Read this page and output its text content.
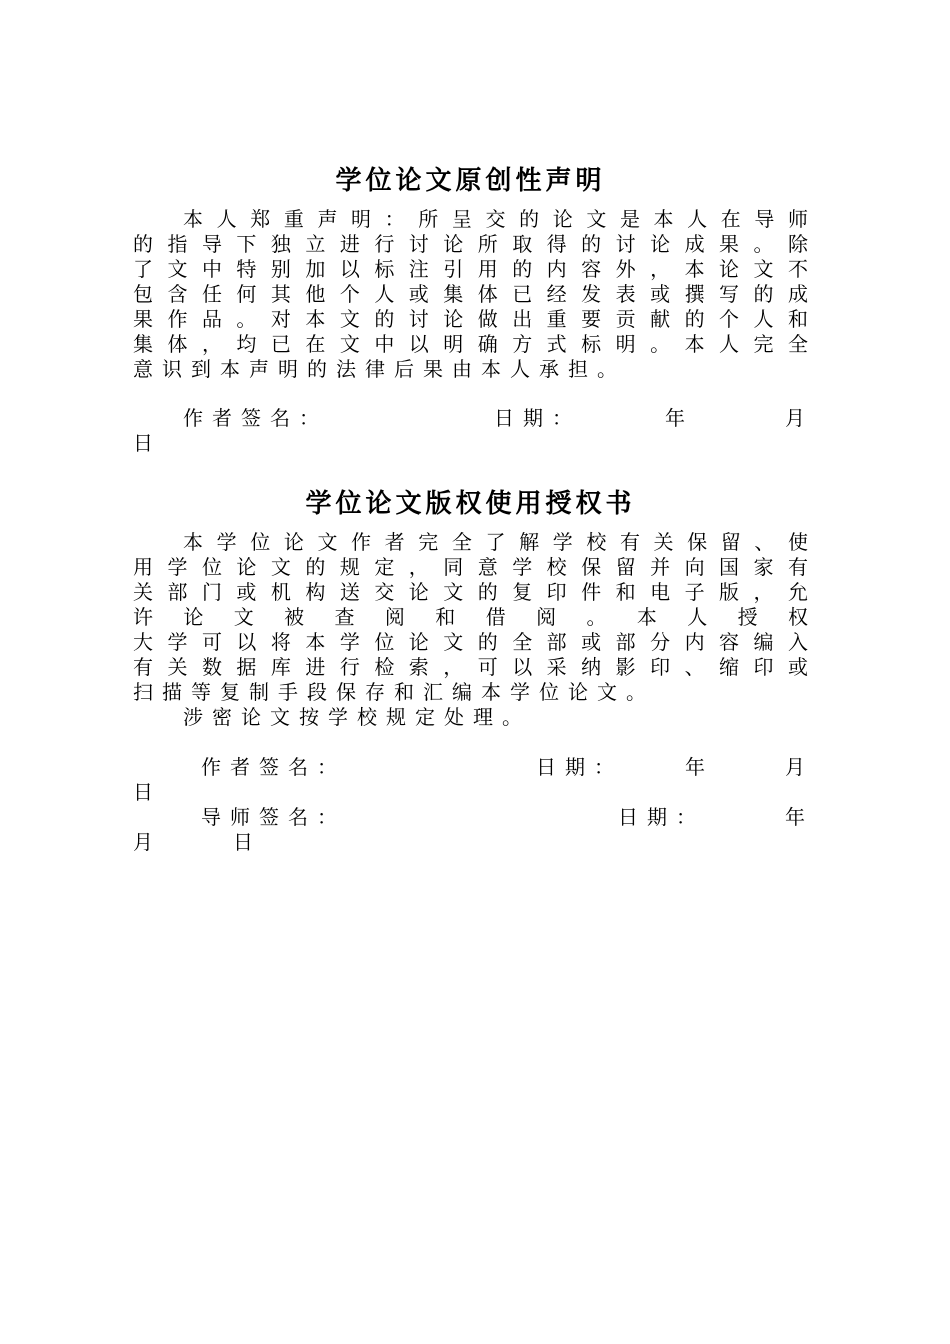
学位论文原创性声明
本人郑重声明：所呈交的论文是本人在导师
的指导下独立进行讨论所取得的讨论成果。除
了文中特别加以标注引用的内容外，本论文不
包含任何其他个人或集体已经发表或撰写的成
果作品。对本文的讨论做出重要贡献的个人和
集体，均已在文中以明确方式标明。本人完全
意识到本声明的法律后果由本人承担。
作者签名：	日期：	年	月
日
学位论文版权使用授权书
本学位论文作者完全了解学校有关保留、使
用学位论文的规定，同意学校保留并向国家有
关部门或机构送交论文的复印件和电子版，允
许论文被查阅和借阅。本人授权
大学可以将本学位论文的全部或部分内容编入
有关数据库进行检索，可以采纳影印、缩印或
扫描等复制手段保存和汇编本学位论文。
涉密论文按学校规定处理。
作者签名：	日期：	年	月
日
导师签名：	日期：	年
月	日
